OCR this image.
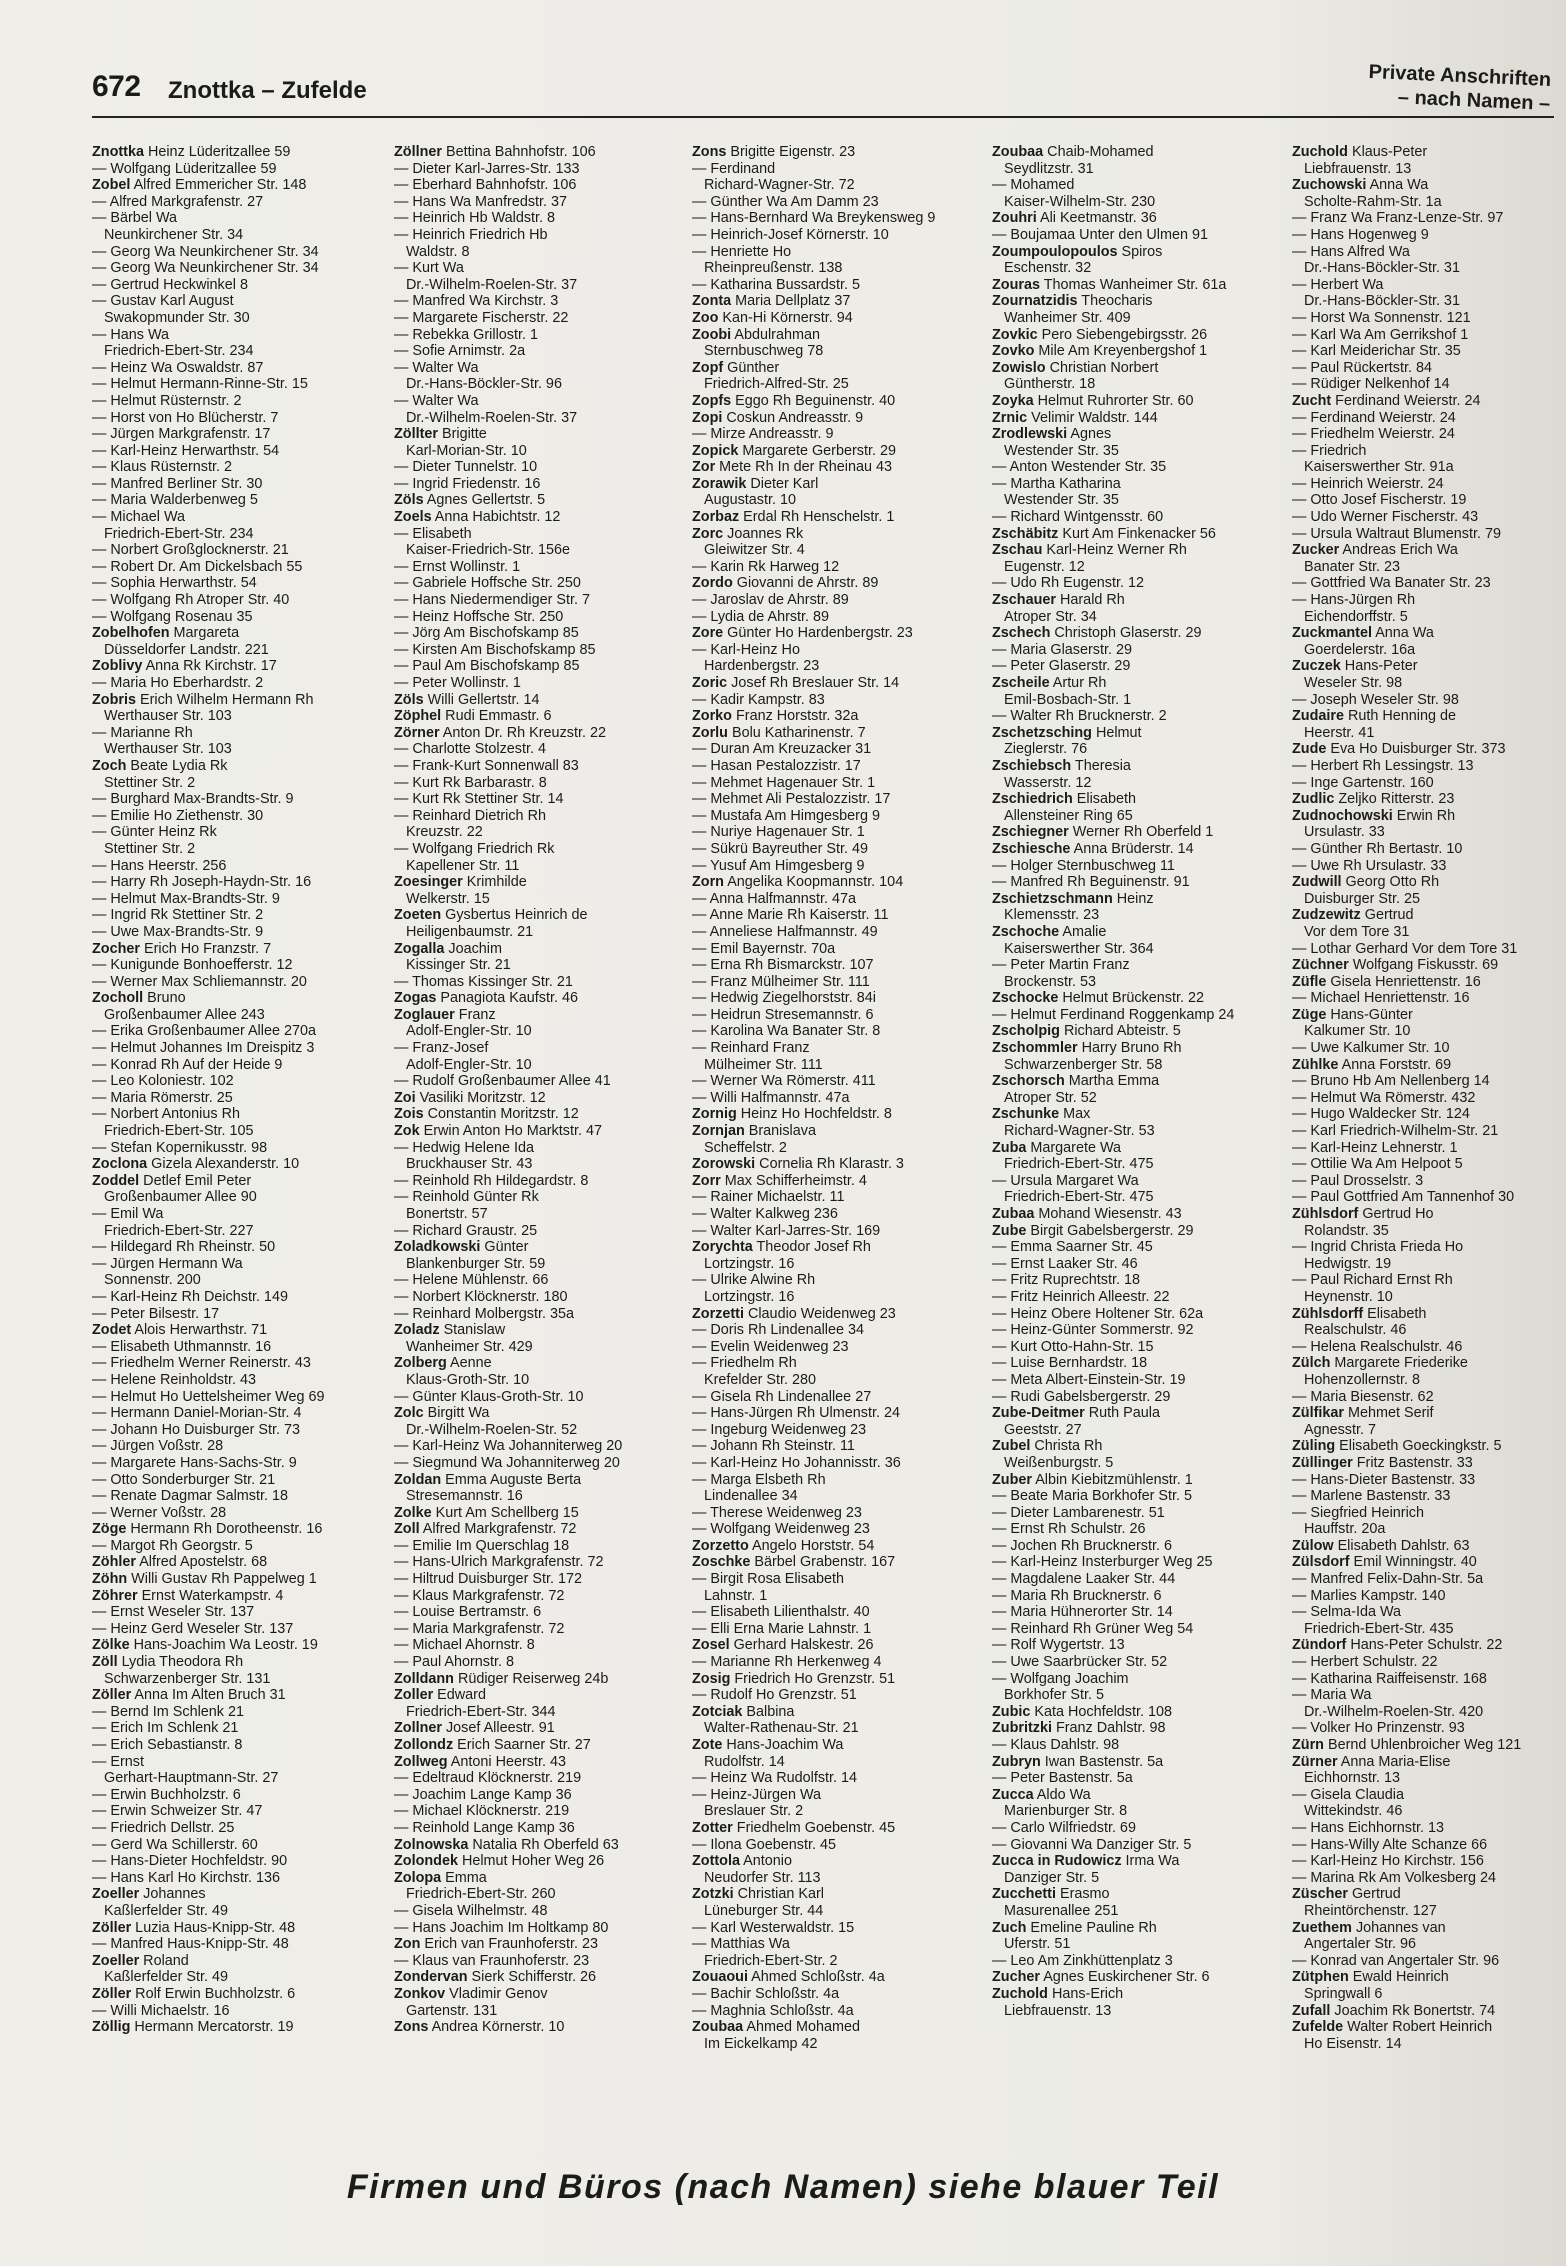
672 Znottka – Zufelde	Private Anschriften
– nach Namen –
Znottka Heinz Lüderitzallee 59
— Wolfgang Lüderitzallee 59
Zobel Alfred Emmericher Str. 148
— Alfred Markgrafenstr. 27
— Bärbel Wa
Neunkirchener Str. 34
— Georg Wa Neunkirchener Str. 34
— Georg Wa Neunkirchener Str. 34
— Gertrud Heckwinkel 8
— Gustav Karl August
Swakopmunder Str. 30
— Hans Wa
Friedrich-Ebert-Str. 234
— Heinz Wa Oswaldstr. 87
— Helmut Hermann-Rinne-Str. 15
— Helmut Rüsternstr. 2
— Horst von Ho Blücherstr. 7
— Jürgen Markgrafenstr. 17
— Karl-Heinz Herwarthstr. 54
— Klaus Rüsternstr. 2
— Manfred Berliner Str. 30
— Maria Walderbenweg 5
— Michael Wa
Friedrich-Ebert-Str. 234
— Norbert Großglocknerstr. 21
— Robert Dr. Am Dickelsbach 55
— Sophia Herwarthstr. 54
— Wolfgang Rh Atroper Str. 40
— Wolfgang Rosenau 35
Zobelhofen Margareta
Düsseldorfer Landstr. 221
Zoblivy Anna Rk Kirchstr. 17
— Maria Ho Eberhardstr. 2
Zobris Erich Wilhelm Hermann Rh
Werthauser Str. 103
— Marianne Rh
Werthauser Str. 103
Zoch Beate Lydia Rk
Stettiner Str. 2
— Burghard Max-Brandts-Str. 9
— Emilie Ho Ziethenstr. 30
— Günter Heinz Rk
Stettiner Str. 2
— Hans Heerstr. 256
— Harry Rh Joseph-Haydn-Str. 16
— Helmut Max-Brandts-Str. 9
— Ingrid Rk Stettiner Str. 2
— Uwe Max-Brandts-Str. 9
Zocher Erich Ho Franzstr. 7
— Kunigunde Bonhoefferstr. 12
— Werner Max Schliemannstr. 20
Zocholl Bruno
Großenbaumer Allee 243
— Erika Großenbaumer Allee 270a
— Helmut Johannes Im Dreispitz 3
— Konrad Rh Auf der Heide 9
— Leo Koloniestr. 102
— Maria Römerstr. 25
— Norbert Antonius Rh
Friedrich-Ebert-Str. 105
— Stefan Kopernikusstr. 98
Zoclona Gizela Alexanderstr. 10
Zoddel Detlef Emil Peter
Großenbaumer Allee 90
— Emil Wa
Friedrich-Ebert-Str. 227
— Hildegard Rh Rheinstr. 50
— Jürgen Hermann Wa
Sonnenstr. 200
— Karl-Heinz Rh Deichstr. 149
— Peter Bilsestr. 17
Zodet Alois Herwarthstr. 71
— Elisabeth Uthmannstr. 16
— Friedhelm Werner Reinerstr. 43
— Helene Reinholdstr. 43
— Helmut Ho Uettelsheimer Weg 69
— Hermann Daniel-Morian-Str. 4
— Johann Ho Duisburger Str. 73
— Jürgen Voßstr. 28
— Margarete Hans-Sachs-Str. 9
— Otto Sonderburger Str. 21
— Renate Dagmar Salmstr. 18
— Werner Voßstr. 28
Zöge Hermann Rh Dorotheenstr. 16
— Margot Rh Georgstr. 5
Zöhler Alfred Apostelstr. 68
Zöhn Willi Gustav Rh Pappelweg 1
Zöhrer Ernst Waterkampstr. 4
— Ernst Weseler Str. 137
— Heinz Gerd Weseler Str. 137
Zölke Hans-Joachim Wa Leostr. 19
Zöll Lydia Theodora Rh
Schwarzenberger Str. 131
Zöller Anna Im Alten Bruch 31
— Bernd Im Schlenk 21
— Erich Im Schlenk 21
— Erich Sebastianstr. 8
— Ernst
Gerhart-Hauptmann-Str. 27
— Erwin Buchholzstr. 6
— Erwin Schweizer Str. 47
— Friedrich Dellstr. 25
— Gerd Wa Schillerstr. 60
— Hans-Dieter Hochfeldstr. 90
— Hans Karl Ho Kirchstr. 136
Zoeller Johannes
Kaßlerfelder Str. 49
Zöller Luzia Haus-Knipp-Str. 48
— Manfred Haus-Knipp-Str. 48
Zoeller Roland
Kaßlerfelder Str. 49
Zöller Rolf Erwin Buchholzstr. 6
— Willi Michaelstr. 16
Zöllig Hermann Mercatorstr. 19
Zöllner Bettina Bahnhofstr. 106
— Dieter Karl-Jarres-Str. 133
— Eberhard Bahnhofstr. 106
— Hans Wa Manfredstr. 37
— Heinrich Hb Waldstr. 8
— Heinrich Friedrich Hb
Waldstr. 8
— Kurt Wa
Dr.-Wilhelm-Roelen-Str. 37
— Manfred Wa Kirchstr. 3
— Margarete Fischerstr. 22
— Rebekka Grillostr. 1
— Sofie Arnimstr. 2a
— Walter Wa
Dr.-Hans-Böckler-Str. 96
— Walter Wa
Dr.-Wilhelm-Roelen-Str. 37
Zöllter Brigitte
Karl-Morian-Str. 10
— Dieter Tunnelstr. 10
— Ingrid Friedenstr. 16
Zöls Agnes Gellertstr. 5
Zoels Anna Habichtstr. 12
— Elisabeth
Kaiser-Friedrich-Str. 156e
— Ernst Wollinstr. 1
— Gabriele Hoffsche Str. 250
— Hans Niedermendiger Str. 7
— Heinz Hoffsche Str. 250
— Jörg Am Bischofskamp 85
— Kirsten Am Bischofskamp 85
— Paul Am Bischofskamp 85
— Peter Wollinstr. 1
Zöls Willi Gellertstr. 14
Zöphel Rudi Emmastr. 6
Zörner Anton Dr. Rh Kreuzstr. 22
— Charlotte Stolzestr. 4
— Frank-Kurt Sonnenwall 83
— Kurt Rk Barbarastr. 8
— Kurt Rk Stettiner Str. 14
— Reinhard Dietrich Rh
Kreuzstr. 22
— Wolfgang Friedrich Rk
Kapellener Str. 11
Zoesinger Krimhilde
Welkerstr. 15
Zoeten Gysbertus Heinrich de
Heiligenbaumstr. 21
Zogalla Joachim
Kissinger Str. 21
— Thomas Kissinger Str. 21
Zogas Panagiota Kaufstr. 46
Zoglauer Franz
Adolf-Engler-Str. 10
— Franz-Josef
Adolf-Engler-Str. 10
— Rudolf Großenbaumer Allee 41
Zoi Vasiliki Moritzstr. 12
Zois Constantin Moritzstr. 12
Zok Erwin Anton Ho Marktstr. 47
— Hedwig Helene Ida
Bruckhauser Str. 43
— Reinhold Rh Hildegardstr. 8
— Reinhold Günter Rk
Bonertstr. 57
— Richard Graustr. 25
Zoladkowski Günter
Blankenburger Str. 59
— Helene Mühlenstr. 66
— Norbert Klöcknerstr. 180
— Reinhard Molbergstr. 35a
Zoladz Stanislaw
Wanheimer Str. 429
Zolberg Aenne
Klaus-Groth-Str. 10
— Günter Klaus-Groth-Str. 10
Zolc Birgitt Wa
Dr.-Wilhelm-Roelen-Str. 52
— Karl-Heinz Wa Johanniterweg 20
— Siegmund Wa Johanniterweg 20
Zoldan Emma Auguste Berta
Stresemannstr. 16
Zolke Kurt Am Schellberg 15
Zoll Alfred Markgrafenstr. 72
— Emilie Im Querschlag 18
— Hans-Ulrich Markgrafenstr. 72
— Hiltrud Duisburger Str. 172
— Klaus Markgrafenstr. 72
— Louise Bertramstr. 6
— Maria Markgrafenstr. 72
— Michael Ahornstr. 8
— Paul Ahornstr. 8
Zolldann Rüdiger Reiserweg 24b
Zoller Edward
Friedrich-Ebert-Str. 344
Zollner Josef Alleestr. 91
Zollondz Erich Saarner Str. 27
Zollweg Antoni Heerstr. 43
— Edeltraud Klöcknerstr. 219
— Joachim Lange Kamp 36
— Michael Klöcknerstr. 219
— Reinhold Lange Kamp 36
Zolnowska Natalia Rh Oberfeld 63
Zolondek Helmut Hoher Weg 26
Zolopa Emma
Friedrich-Ebert-Str. 260
— Gisela Wilhelmstr. 48
— Hans Joachim Im Holtkamp 80
Zon Erich van Fraunhoferstr. 23
— Klaus van Fraunhoferstr. 23
Zondervan Sierk Schifferstr. 26
Zonkov Vladimir Genov
Gartenstr. 131
Zons Andrea Körnerstr. 10
Zons Brigitte Eigenstr. 23
— Ferdinand
Richard-Wagner-Str. 72
— Günther Wa Am Damm 23
— Hans-Bernhard Wa Breykensweg 9
— Heinrich-Josef Körnerstr. 10
— Henriette Ho
Rheinpreußenstr. 138
— Katharina Bussardstr. 5
Zonta Maria Dellplatz 37
Zoo Kan-Hi Körnerstr. 94
Zoobi Abdulrahman
Sternbuschweg 78
Zopf Günther
Friedrich-Alfred-Str. 25
Zopfs Eggo Rh Beguinenstr. 40
Zopi Coskun Andreasstr. 9
— Mirze Andreasstr. 9
Zopick Margarete Gerberstr. 29
Zor Mete Rh In der Rheinau 43
Zorawik Dieter Karl
Augustastr. 10
Zorbaz Erdal Rh Henschelstr. 1
Zorc Joannes Rk
Gleiwitzer Str. 4
— Karin Rk Harweg 12
Zordo Giovanni de Ahrstr. 89
— Jaroslav de Ahrstr. 89
— Lydia de Ahrstr. 89
Zore Günter Ho Hardenbergstr. 23
— Karl-Heinz Ho
Hardenbergstr. 23
Zoric Josef Rh Breslauer Str. 14
— Kadir Kampstr. 83
Zorko Franz Horststr. 32a
Zorlu Bolu Katharinenstr. 7
— Duran Am Kreuzacker 31
— Hasan Pestalozzistr. 17
— Mehmet Hagenauer Str. 1
— Mehmet Ali Pestalozzistr. 17
— Mustafa Am Himgesberg 9
— Nuriye Hagenauer Str. 1
— Sükrü Bayreuther Str. 49
— Yusuf Am Himgesberg 9
Zorn Angelika Koopmannstr. 104
— Anna Halfmannstr. 47a
— Anne Marie Rh Kaiserstr. 11
— Anneliese Halfmannstr. 49
— Emil Bayernstr. 70a
— Erna Rh Bismarckstr. 107
— Franz Mülheimer Str. 111
— Hedwig Ziegelhorststr. 84i
— Heidrun Stresemannstr. 6
— Karolina Wa Banater Str. 8
— Reinhard Franz
Mülheimer Str. 111
— Werner Wa Römerstr. 411
— Willi Halfmannstr. 47a
Zornig Heinz Ho Hochfeldstr. 8
Zornjan Branislava
Scheffelstr. 2
Zorowski Cornelia Rh Klarastr. 3
Zorr Max Schifferheimstr. 4
— Rainer Michaelstr. 11
— Walter Kalkweg 236
— Walter Karl-Jarres-Str. 169
Zorychta Theodor Josef Rh
Lortzingstr. 16
— Ulrike Alwine Rh
Lortzingstr. 16
Zorzetti Claudio Weidenweg 23
— Doris Rh Lindenallee 34
— Evelin Weidenweg 23
— Friedhelm Rh
Krefelder Str. 280
— Gisela Rh Lindenallee 27
— Hans-Jürgen Rh Ulmenstr. 24
— Ingeburg Weidenweg 23
— Johann Rh Steinstr. 11
— Karl-Heinz Ho Johannisstr. 36
— Marga Elsbeth Rh
Lindenallee 34
— Therese Weidenweg 23
— Wolfgang Weidenweg 23
Zorzetto Angelo Horststr. 54
Zoschke Bärbel Grabenstr. 167
— Birgit Rosa Elisabeth
Lahnstr. 1
— Elisabeth Lilienthalstr. 40
— Elli Erna Marie Lahnstr. 1
Zosel Gerhard Halskestr. 26
— Marianne Rh Herkenweg 4
Zosig Friedrich Ho Grenzstr. 51
— Rudolf Ho Grenzstr. 51
Zotciak Balbina
Walter-Rathenau-Str. 21
Zote Hans-Joachim Wa
Rudolfstr. 14
— Heinz Wa Rudolfstr. 14
— Heinz-Jürgen Wa
Breslauer Str. 2
Zotter Friedhelm Goebenstr. 45
— Ilona Goebenstr. 45
Zottola Antonio
Neudorfer Str. 113
Zotzki Christian Karl
Lüneburger Str. 44
— Karl Westerwaldstr. 15
— Matthias Wa
Friedrich-Ebert-Str. 2
Zouaoui Ahmed Schloßstr. 4a
— Bachir Schloßstr. 4a
— Maghnia Schloßstr. 4a
Zoubaa Ahmed Mohamed
Im Eickelkamp 42
Zoubaa Chaib-Mohamed
Seydlitzstr. 31
— Mohamed
Kaiser-Wilhelm-Str. 230
Zouhri Ali Keetmanstr. 36
— Boujamaa Unter den Ulmen 91
Zoumpoulopoulos Spiros
Eschenstr. 32
Zouras Thomas Wanheimer Str. 61a
Zournatzidis Theocharis
Wanheimer Str. 409
Zovkic Pero Siebengebirgsstr. 26
Zovko Mile Am Kreyenbergshof 1
Zowislo Christian Norbert
Güntherstr. 18
Zoyka Helmut Ruhrorter Str. 60
Zrnic Velimir Waldstr. 144
Zrodlewski Agnes
Westender Str. 35
— Anton Westender Str. 35
— Martha Katharina
Westender Str. 35
— Richard Wintgensstr. 60
Zschäbitz Kurt Am Finkenacker 56
Zschau Karl-Heinz Werner Rh
Eugenstr. 12
— Udo Rh Eugenstr. 12
Zschauer Harald Rh
Atroper Str. 34
Zschech Christoph Glaserstr. 29
— Maria Glaserstr. 29
— Peter Glaserstr. 29
Zscheile Artur Rh
Emil-Bosbach-Str. 1
— Walter Rh Brucknerstr. 2
Zschetzsching Helmut
Zieglerstr. 76
Zschiebsch Theresia
Wasserstr. 12
Zschiedrich Elisabeth
Allensteiner Ring 65
Zschiegner Werner Rh Oberfeld 1
Zschiesche Anna Brüderstr. 14
— Holger Sternbuschweg 11
— Manfred Rh Beguinenstr. 91
Zschietzschmann Heinz
Klemensstr. 23
Zschoche Amalie
Kaiserswerther Str. 364
— Peter Martin Franz
Brockenstr. 53
Zschocke Helmut Brückenstr. 22
— Helmut Ferdinand Roggenkamp 24
Zscholpig Richard Abteistr. 5
Zschommler Harry Bruno Rh
Schwarzenberger Str. 58
Zschorsch Martha Emma
Atroper Str. 52
Zschunke Max
Richard-Wagner-Str. 53
Zuba Margarete Wa
Friedrich-Ebert-Str. 475
— Ursula Margaret Wa
Friedrich-Ebert-Str. 475
Zubaa Mohand Wiesenstr. 43
Zube Birgit Gabelsbergerstr. 29
— Emma Saarner Str. 45
— Ernst Laaker Str. 46
— Fritz Ruprechtstr. 18
— Fritz Heinrich Alleestr. 22
— Heinz Obere Holtener Str. 62a
— Heinz-Günter Sommerstr. 92
— Kurt Otto-Hahn-Str. 15
— Luise Bernhardstr. 18
— Meta Albert-Einstein-Str. 19
— Rudi Gabelsbergerstr. 29
Zube-Deitmer Ruth Paula
Geeststr. 27
Zubel Christa Rh
Weißenburgstr. 5
Zuber Albin Kiebitzmühlenstr. 1
— Beate Maria Borkhofer Str. 5
— Dieter Lambarenestr. 51
— Ernst Rh Schulstr. 26
— Jochen Rh Brucknerstr. 6
— Karl-Heinz Insterburger Weg 25
— Magdalene Laaker Str. 44
— Maria Rh Brucknerstr. 6
— Maria Hühnerorter Str. 14
— Reinhard Rh Grüner Weg 54
— Rolf Wygertstr. 13
— Uwe Saarbrücker Str. 52
— Wolfgang Joachim
Borkhofer Str. 5
Zubic Kata Hochfeldstr. 108
Zubritzki Franz Dahlstr. 98
— Klaus Dahlstr. 98
Zubryn Iwan Bastenstr. 5a
— Peter Bastenstr. 5a
Zucca Aldo Wa
Marienburger Str. 8
— Carlo Wilfriedstr. 69
— Giovanni Wa Danziger Str. 5
Zucca in Rudowicz Irma Wa
Danziger Str. 5
Zucchetti Erasmo
Masurenallee 251
Zuch Emeline Pauline Rh
Uferstr. 51
— Leo Am Zinkhüttenplatz 3
Zucher Agnes Euskirchener Str. 6
Zuchold Hans-Erich
Liebfrauenstr. 13
Zuchold Klaus-Peter
Liebfrauenstr. 13
Zuchowski Anna Wa
Scholte-Rahm-Str. 1a
— Franz Wa Franz-Lenze-Str. 97
— Hans Hogenweg 9
— Hans Alfred Wa
Dr.-Hans-Böckler-Str. 31
— Herbert Wa
Dr.-Hans-Böckler-Str. 31
— Horst Wa Sonnenstr. 121
— Karl Wa Am Gerrikshof 1
— Karl Meiderichar Str. 35
— Paul Rückertstr. 84
— Rüdiger Nelkenhof 14
Zucht Ferdinand Weierstr. 24
— Ferdinand Weierstr. 24
— Friedhelm Weierstr. 24
— Friedrich
Kaiserswerther Str. 91a
— Heinrich Weierstr. 24
— Otto Josef Fischerstr. 19
— Udo Werner Fischerstr. 43
— Ursula Waltraut Blumenstr. 79
Zucker Andreas Erich Wa
Banater Str. 23
— Gottfried Wa Banater Str. 23
— Hans-Jürgen Rh
Eichendorffstr. 5
Zuckmantel Anna Wa
Goerdelerstr. 16a
Zuczek Hans-Peter
Weseler Str. 98
— Joseph Weseler Str. 98
Zudaire Ruth Henning de
Heerstr. 41
Zude Eva Ho Duisburger Str. 373
— Herbert Rh Lessingstr. 13
— Inge Gartenstr. 160
Zudlic Zeljko Ritterstr. 23
Zudnochowski Erwin Rh
Ursulastr. 33
— Günther Rh Bertastr. 10
— Uwe Rh Ursulastr. 33
Zudwill Georg Otto Rh
Duisburger Str. 25
Zudzewitz Gertrud
Vor dem Tore 31
— Lothar Gerhard Vor dem Tore 31
Züchner Wolfgang Fiskusstr. 69
Züfle Gisela Henriettenstr. 16
— Michael Henriettenstr. 16
Züge Hans-Günter
Kalkumer Str. 10
— Uwe Kalkumer Str. 10
Zühlke Anna Forststr. 69
— Bruno Hb Am Nellenberg 14
— Helmut Wa Römerstr. 432
— Hugo Waldecker Str. 124
— Karl Friedrich-Wilhelm-Str. 21
— Karl-Heinz Lehnerstr. 1
— Ottilie Wa Am Helpoot 5
— Paul Drosselstr. 3
— Paul Gottfried Am Tannenhof 30
Zühlsdorf Gertrud Ho
Rolandstr. 35
— Ingrid Christa Frieda Ho
Hedwigstr. 19
— Paul Richard Ernst Rh
Heynenstr. 10
Zühlsdorff Elisabeth
Realschulstr. 46
— Helena Realschulstr. 46
Zülch Margarete Friederike
Hohenzollernstr. 8
— Maria Biesenstr. 62
Zülfikar Mehmet Serif
Agnesstr. 7
Züling Elisabeth Goeckingkstr. 5
Züllinger Fritz Bastenstr. 33
— Hans-Dieter Bastenstr. 33
— Marlene Bastenstr. 33
— Siegfried Heinrich
Hauffstr. 20a
Zülow Elisabeth Dahlstr. 63
Zülsdorf Emil Winningstr. 40
— Manfred Felix-Dahn-Str. 5a
— Marlies Kampstr. 140
— Selma-Ida Wa
Friedrich-Ebert-Str. 435
Zündorf Hans-Peter Schulstr. 22
— Herbert Schulstr. 22
— Katharina Raiffeisenstr. 168
— Maria Wa
Dr.-Wilhelm-Roelen-Str. 420
— Volker Ho Prinzenstr. 93
Zürn Bernd Uhlenbroicher Weg 121
Zürner Anna Maria-Elise
Eichhornstr. 13
— Gisela Claudia
Wittekindstr. 46
— Hans Eichhornstr. 13
— Hans-Willy Alte Schanze 66
— Karl-Heinz Ho Kirchstr. 156
— Marina Rk Am Volkesberg 24
Züscher Gertrud
Rheintörchenstr. 127
Zuethem Johannes van
Angertaler Str. 96
— Konrad van Angertaler Str. 96
Zütphen Ewald Heinrich
Springwall 6
Zufall Joachim Rk Bonertstr. 74
Zufelde Walter Robert Heinrich
Ho Eisenstr. 14
Firmen und Büros (nach Namen) siehe blauer Teil
